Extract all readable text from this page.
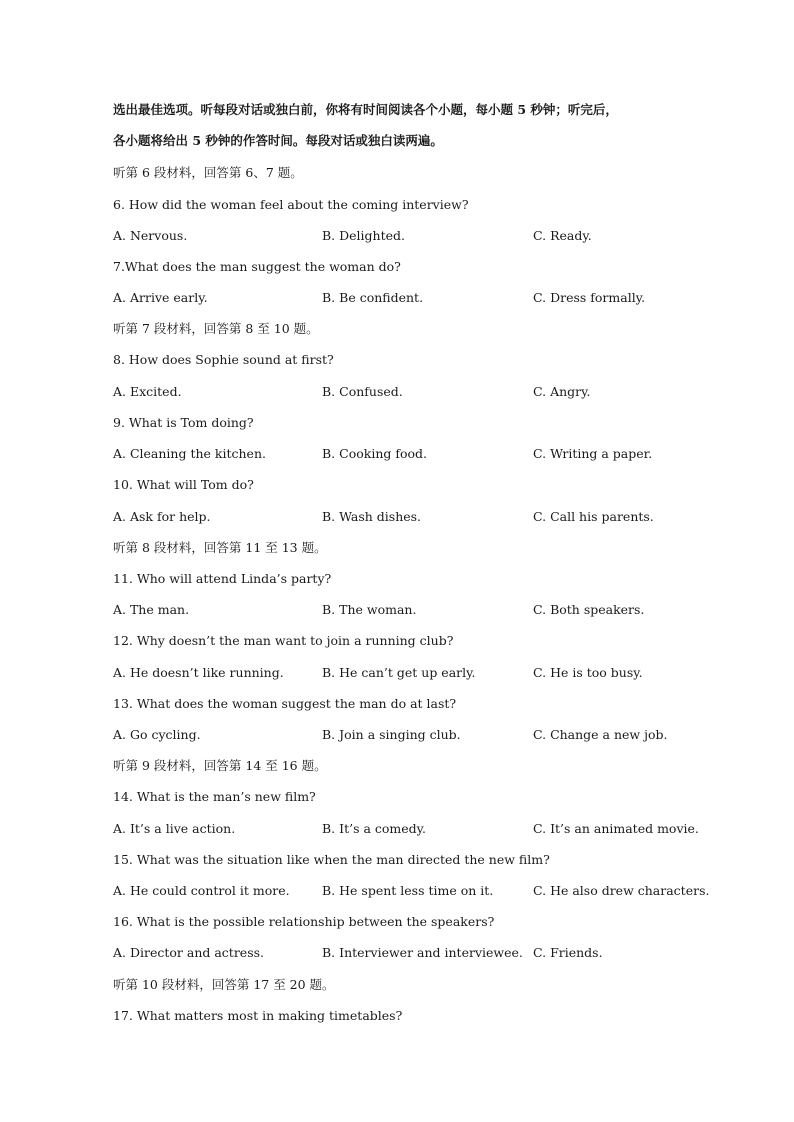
选出最佳选项。听每段对话或独白前，你将有时间阅读各个小题，每小题 5 秒钟；听完后，
各小题将给出 5 秒钟的作答时间。每段对话或独白读两遍。
听第 6 段材料，回答第 6、7 题。
6. How did the woman feel about the coming interview?
A. Nervous.	B. Delighted.	C. Ready.
7.What does the man suggest the woman do?
A. Arrive early.	B. Be confident.	C. Dress formally.
听第 7 段材料，回答第 8 至 10 题。
8. How does Sophie sound at first?
A. Excited.	B. Confused.	C. Angry.
9. What is Tom doing?
A. Cleaning the kitchen.	B. Cooking food.	C. Writing a paper.
10. What will Tom do?
A. Ask for help.	B. Wash dishes.	C. Call his parents.
听第 8 段材料，回答第 11 至 13 题。
11. Who will attend Linda’s party?
A. The man.	B. The woman.	C. Both speakers.
12. Why doesn’t the man want to join a running club?
A. He doesn’t like running.	B. He can’t get up early.	C. He is too busy.
13. What does the woman suggest the man do at last?
A. Go cycling.	B. Join a singing club.	C. Change a new job.
听第 9 段材料，回答第 14 至 16 题。
14. What is the man’s new film?
A. It’s a live action.	B. It’s a comedy.	C. It’s an animated movie.
15. What was the situation like when the man directed the new film?
A. He could control it more.	B. He spent less time on it.	C. He also drew characters.
16. What is the possible relationship between the speakers?
A. Director and actress.	B. Interviewer and interviewee. C. Friends.
听第 10 段材料，回答第 17 至 20 题。
17. What matters most in making timetables?
